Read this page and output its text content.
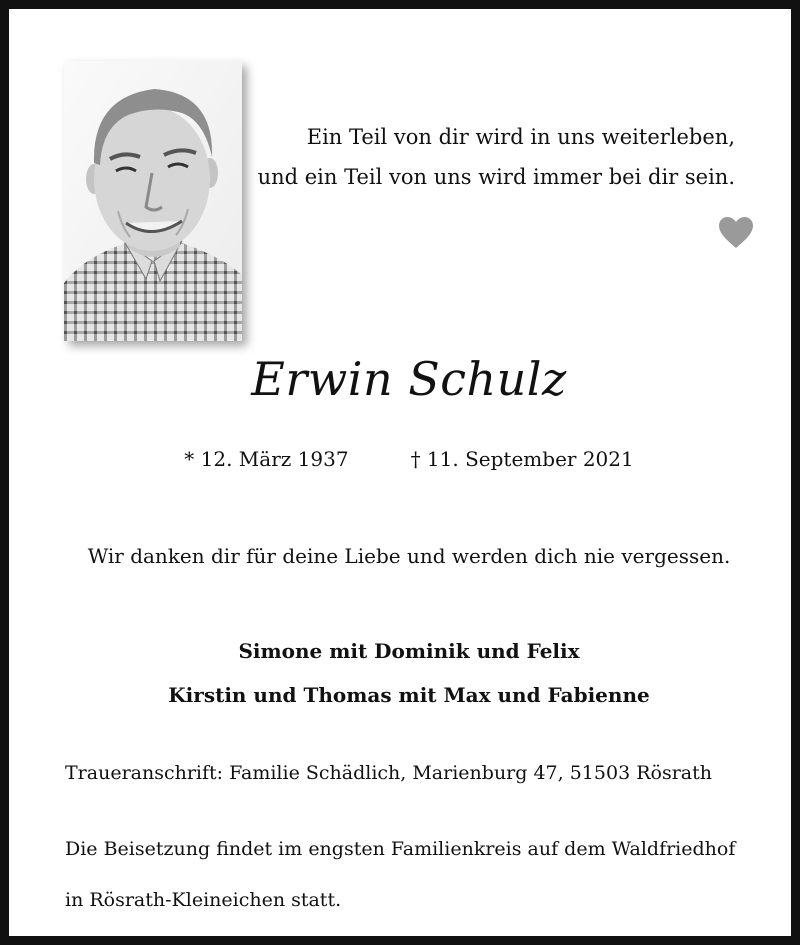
Ein Teil von dir wird in uns weiterleben,
und ein Teil von uns wird immer bei dir sein.
Erwin Schulz
* 12. März 1937	† 11. September 2021
Wir danken dir für deine Liebe und werden dich nie vergessen.
Simone mit Dominik und Felix
Kirstin und Thomas mit Max und Fabienne
Traueranschrift: Familie Schädlich, Marienburg 47, 51503 Rösrath
Die Beisetzung findet im engsten Familienkreis auf dem Waldfriedhof
in Rösrath-Kleineichen statt.
